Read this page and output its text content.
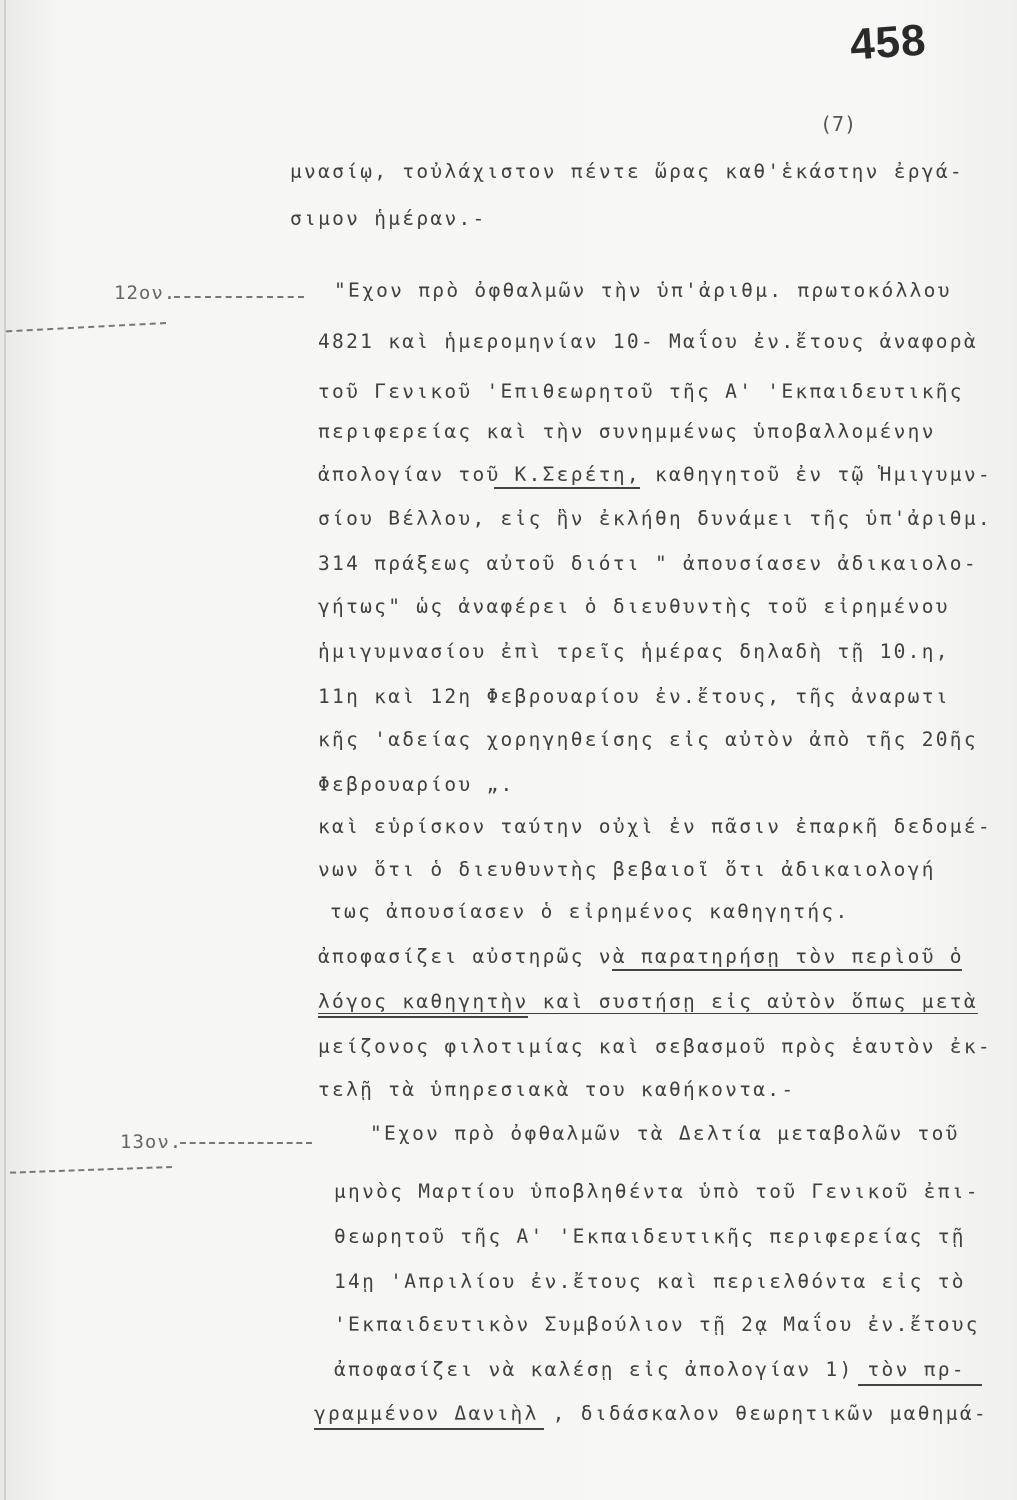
458
(7)
12ον.
13ον.
μνασίῳ, τοὐλάχιστον πέντε ὥρας καθ'ἑκάστην ἐργά-
σιμον ἡμέραν.-
"Εχον πρὸ ὀφθαλμῶν τὴν ὑπ'ἀριθμ. πρωτοκόλλου
4821 καὶ ἡμερομηνίαν 10- Μαΐου ἐν.ἔτους ἀναφορὰ
τοῦ Γενικοῦ 'Επιθεωρητοῦ τῆς Α' 'Εκπαιδευτικῆς
περιφερείας καὶ τὴν συνημμένως ὑποβαλλομένην
ἀπολογίαν τοῦ Κ.Σερέτη, καθηγητοῦ ἐν τῷ Ἡμιγυμν-
σίου Βέλλου, εἰς ἣν ἐκλήθη δυνάμει τῆς ὑπ'ἀριθμ.
314 πράξεως αὐτοῦ διότι " ἀπουσίασεν ἀδικαιολο-
γήτως" ὡς ἀναφέρει ὁ διευθυντὴς τοῦ εἰρημένου
ἡμιγυμνασίου ἐπὶ τρεῖς ἡμέρας δηλαδὴ τῇ 10.η,
11η καὶ 12η Φεβρουαρίου ἐν.ἔτους, τῆς ἀναρωτι
κῆς 'αδείας χορηγηθείσης εἰς αὐτὸν ἀπὸ τῆς 20ῆς
Φεβρουαρίου „.
καὶ εὑρίσκον ταύτην οὐχὶ ἐν πᾶσιν ἐπαρκῆ δεδομέ-
νων ὅτι ὁ διευθυντὴς βεβαιοῖ ὅτι ἀδικαιολογή
τως ἀπουσίασεν ὁ εἰρημένος καθηγητής.
ἀποφασίζει αὐστηρῶς νὰ παρατηρήσῃ τὸν περὶοῦ ὁ
λόγος καθηγητὴν καὶ συστήσῃ εἰς αὐτὸν ὅπως μετὰ
μείζονος φιλοτιμίας καὶ σεβασμοῦ πρὸς ἑαυτὸν ἐκ-
τελῇ τὰ ὑπηρεσιακὰ του καθήκοντα.-
"Εχον πρὸ ὀφθαλμῶν τὰ Δελτία μεταβολῶν τοῦ
μηνὸς Μαρτίου ὑποβληθέντα ὑπὸ τοῦ Γενικοῦ ἐπι-
θεωρητοῦ τῆς Α' 'Εκπαιδευτικῆς περιφερείας τῇ
14ῃ 'Απριλίου ἐν.ἔτους καὶ περιελθόντα εἰς τὸ
'Εκπαιδευτικὸν Συμβούλιον τῇ 2ᾳ Μαΐου ἐν.ἔτους
ἀποφασίζει νὰ καλέσῃ εἰς ἀπολογίαν 1) τὸν πρ-
γραμμένον Δανιὴλ , διδάσκαλον θεωρητικῶν μαθημά-
